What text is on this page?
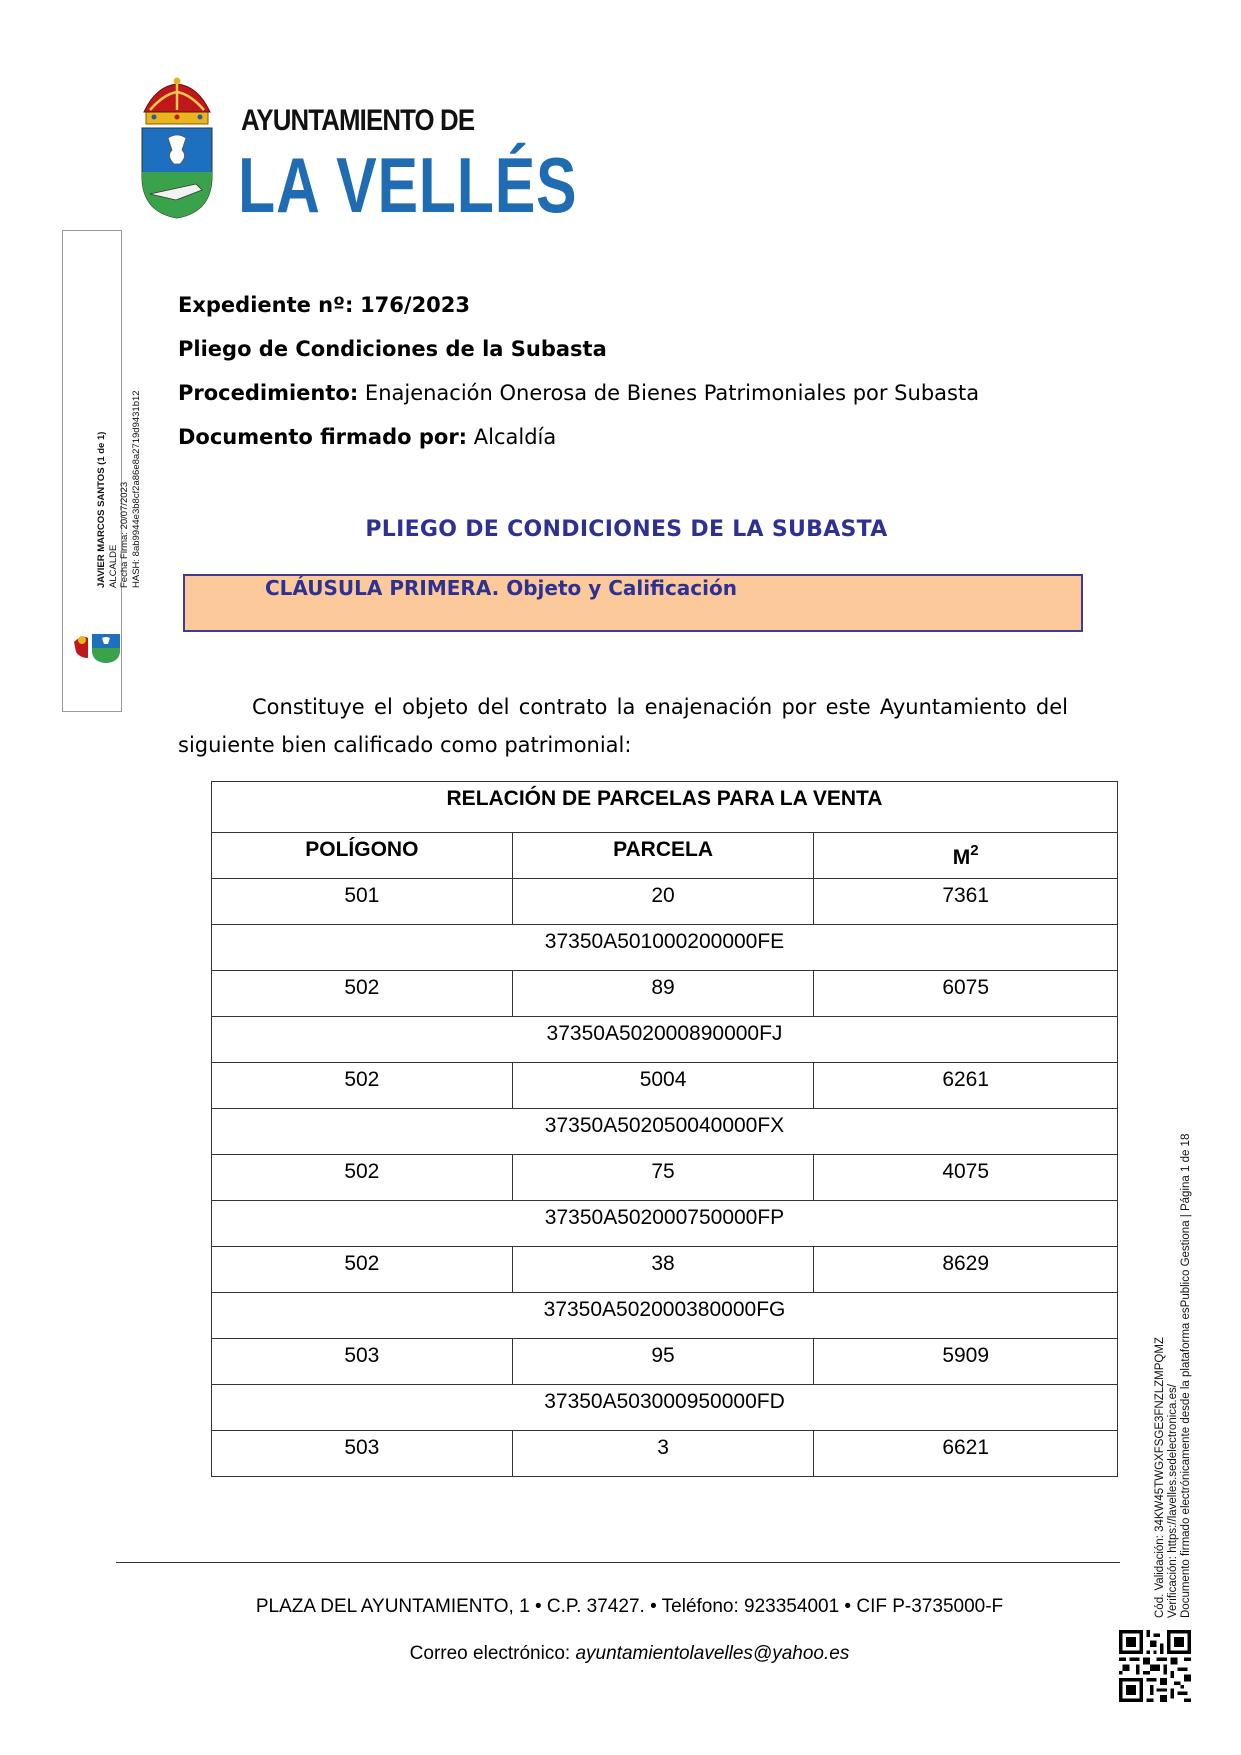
AYUNTAMIENTO DE
LA VELLÉS
JAVIER MARCOS SANTOS (1 de 1) ALCALDE Fecha Firma: 20/07/2023 HASH: 8ab9944e3b8cf2a86e8a2719d9431b12
Expediente nº: 176/2023
Pliego de Condiciones de la Subasta
Procedimiento: Enajenación Onerosa de Bienes Patrimoniales por Subasta
Documento firmado por: Alcaldía
PLIEGO DE CONDICIONES DE LA SUBASTA
CLÁUSULA PRIMERA. Objeto y Calificación
Constituye el objeto del contrato la enajenación por este Ayuntamiento del siguiente bien calificado como patrimonial:
RELACIÓN DE PARCELAS PARA LA VENTA		
POLÍGONO	PARCELA	$M^2$
501	20	7361
37350A501000200000FE		
502	89	6075
37350A502000890000FJ		
502	5004	6261
37350A502050040000FX		
502	75	4075
37350A502000750000FP		
502	38	8629
37350A502000380000FG		
503	95	5909
37350A503000950000FD		
503	3	6621	Cód. Validación: 34KW45TWGXFSGE3FNZLZMPQMZ Verificación: https://lavelles.sedelectronica.es/ Documento firmado electrónicamente desde la plataforma esPublico Gestiona | Página 1 de 18
PLAZA DEL AYUNTAMIENTO, 1 • C.P. 37427. • Teléfono: 923354001 • CIF P-3735000-F
Correo electrónico: ayuntamientolavelles@yahoo.es
